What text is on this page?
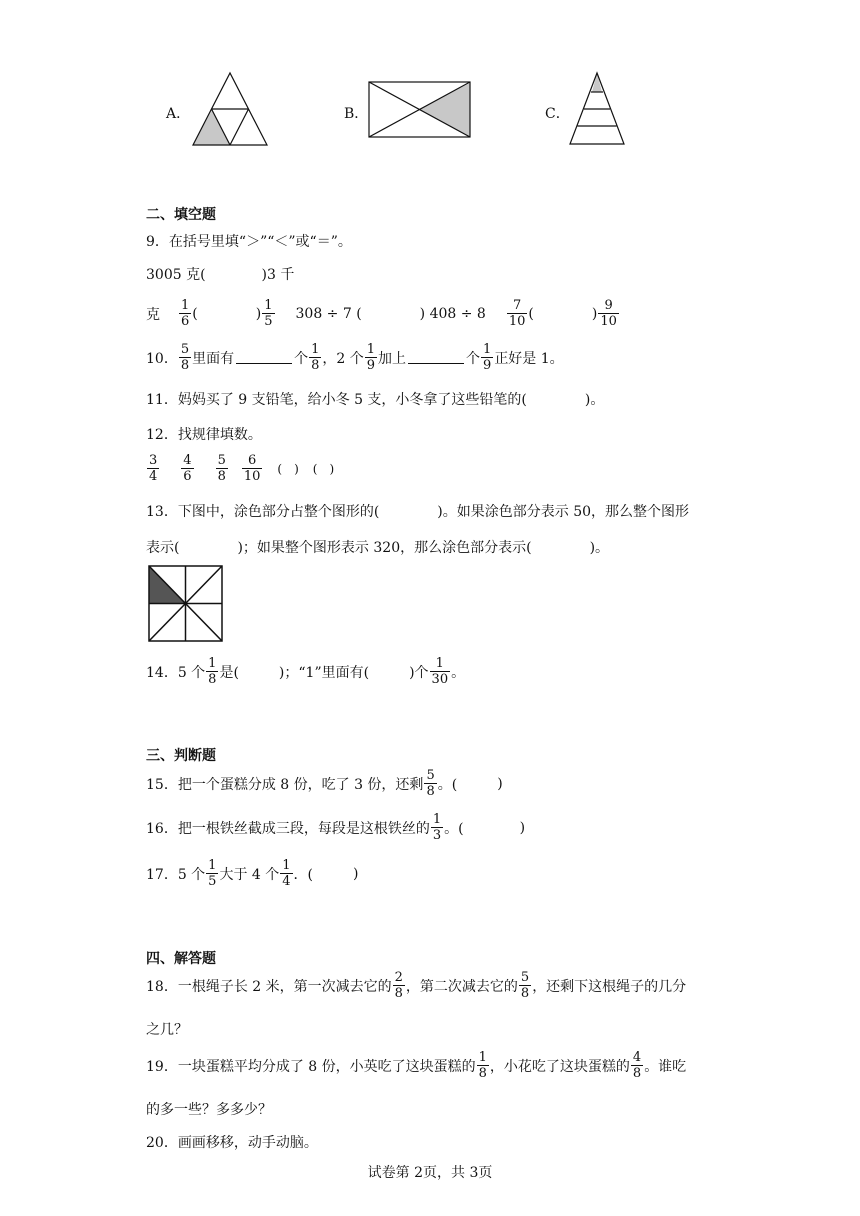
A．	B．	C．
二、填空题
9．在括号里填“＞”“＜”或“＝”。
3005 克(	)3 千
克 $\frac{1}{6}$ (	) $\frac{1}{5} 308 \div 7$ (	) $408 \div 8 \frac{7}{10}$ (	) $\frac{9}{10}$
10． $\frac{5}{8}$ 里面有	个 $\frac{1}{8}$ ，2 个 $\frac{1}{9}$ 加上	个 $\frac{1}{9}$ 正好是 1。
11．妈妈买了 9 支铅笔，给小冬 5 支，小冬拿了这些铅笔的(	)。
12．找规律填数。
$\frac{3}{4} \frac{4}{6} \frac{5}{8} \frac{6}{10}$ (　) (　)
13．下图中，涂色部分占整个图形的(	)。如果涂色部分表示 50，那么整个图形
表示(	)；如果整个图形表示 320，那么涂色部分表示(	)。
14．5 个 $\frac{1}{8}$ 是(	)；“1”里面有(	)个 $\frac{1}{30}$ 。
三、判断题
15．把一个蛋糕分成 8 份，吃了 3 份，还剩 $\frac{5}{8}$ 。(	)
16．把一根铁丝截成三段，每段是这根铁丝的 $\frac{1}{3}$ 。(	)
17．5 个 $\frac{1}{5}$ 大于 4 个 $\frac{1}{4}$ ．(	)
四、解答题
18．一根绳子长 2 米，第一次减去它的 $\frac{2}{8}$ ，第二次减去它的 $\frac{5}{8}$ ，还剩下这根绳子的几分
之几？
19．一块蛋糕平均分成了 8 份，小英吃了这块蛋糕的 $\frac{1}{8}$ ，小花吃了这块蛋糕的 $\frac{4}{8}$ 。谁吃
的多一些？多多少？
20．画画移移，动手动脑。
试卷第 2页，共 3页
